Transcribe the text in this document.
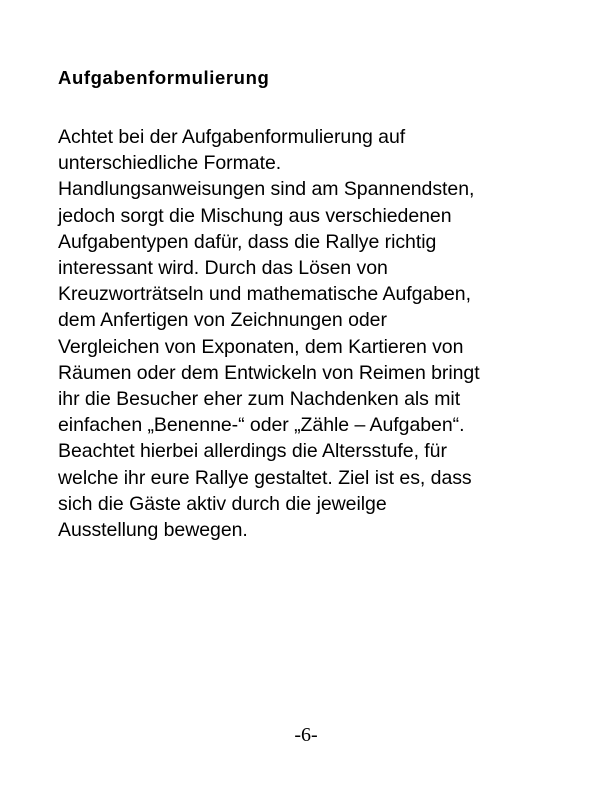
Aufgabenformulierung
Achtet bei der Aufgabenformulierung auf
unterschiedliche Formate.
Handlungsanweisungen sind am Spannendsten,
jedoch sorgt die Mischung aus verschiedenen
Aufgabentypen dafür, dass die Rallye richtig
interessant wird. Durch das Lösen von
Kreuzworträtseln und mathematische Aufgaben,
dem Anfertigen von Zeichnungen oder
Vergleichen von Exponaten, dem Kartieren von
Räumen oder dem Entwickeln von Reimen bringt
ihr die Besucher eher zum Nachdenken als mit
einfachen „Benenne-“ oder „Zähle – Aufgaben“.
Beachtet hierbei allerdings die Altersstufe, für
welche ihr eure Rallye gestaltet. Ziel ist es, dass
sich die Gäste aktiv durch die jeweilge
Ausstellung bewegen.

-6-
